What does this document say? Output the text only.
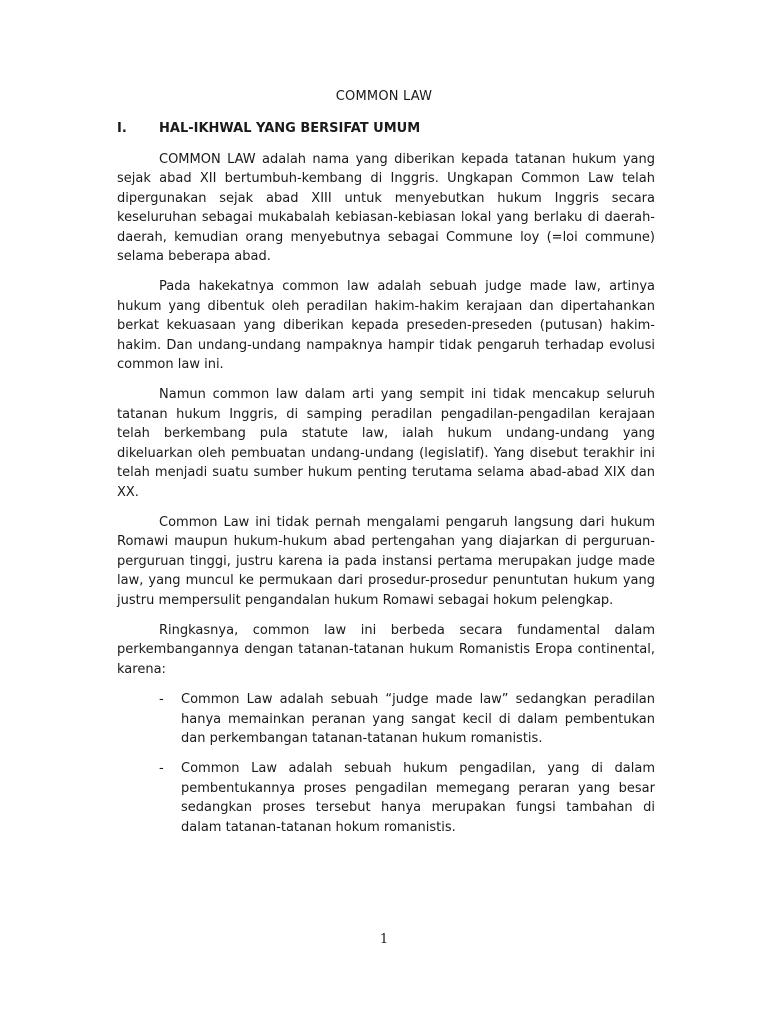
COMMON LAW
I. HAL-IKHWAL YANG BERSIFAT UMUM

COMMON LAW adalah nama yang diberikan kepada tatanan hukum yang sejak abad XII bertumbuh-kembang di Inggris. Ungkapan Common Law telah dipergunakan sejak abad XIII untuk menyebutkan hukum Inggris secara keseluruhan sebagai mukabalah kebiasan-kebiasan lokal yang berlaku di daerah-daerah, kemudian orang menyebutnya sebagai Commune loy (=loi commune) selama beberapa abad.

Pada hakekatnya common law adalah sebuah judge made law, artinya hukum yang dibentuk oleh peradilan hakim-hakim kerajaan dan dipertahankan berkat kekuasaan yang diberikan kepada preseden-preseden (putusan) hakim-hakim. Dan undang-undang nampaknya hampir tidak pengaruh terhadap evolusi common law ini.

Namun common law dalam arti yang sempit ini tidak mencakup seluruh tatanan hukum Inggris, di samping peradilan pengadilan-pengadilan kerajaan telah berkembang pula statute law, ialah hukum undang-undang yang dikeluarkan oleh pembuatan undang-undang (legislatif). Yang disebut terakhir ini telah menjadi suatu sumber hukum penting terutama selama abad-abad XIX dan XX.

Common Law ini tidak pernah mengalami pengaruh langsung dari hukum Romawi maupun hukum-hukum abad pertengahan yang diajarkan di perguruan-perguruan tinggi, justru karena ia pada instansi pertama merupakan judge made law, yang muncul ke permukaan dari prosedur-prosedur penuntutan hukum yang justru mempersulit pengandalan hukum Romawi sebagai hokum pelengkap.

Ringkasnya, common law ini berbeda secara fundamental dalam perkembangannya dengan tatanan-tatanan hukum Romanistis Eropa continental, karena:

- Common Law adalah sebuah “judge made law” sedangkan peradilan hanya memainkan peranan yang sangat kecil di dalam pembentukan dan perkembangan tatanan-tatanan hukum romanistis.
- Common Law adalah sebuah hukum pengadilan, yang di dalam pembentukannya proses pengadilan memegang peraran yang besar sedangkan proses tersebut hanya merupakan fungsi tambahan di dalam tatanan-tatanan hokum romanistis.
1
